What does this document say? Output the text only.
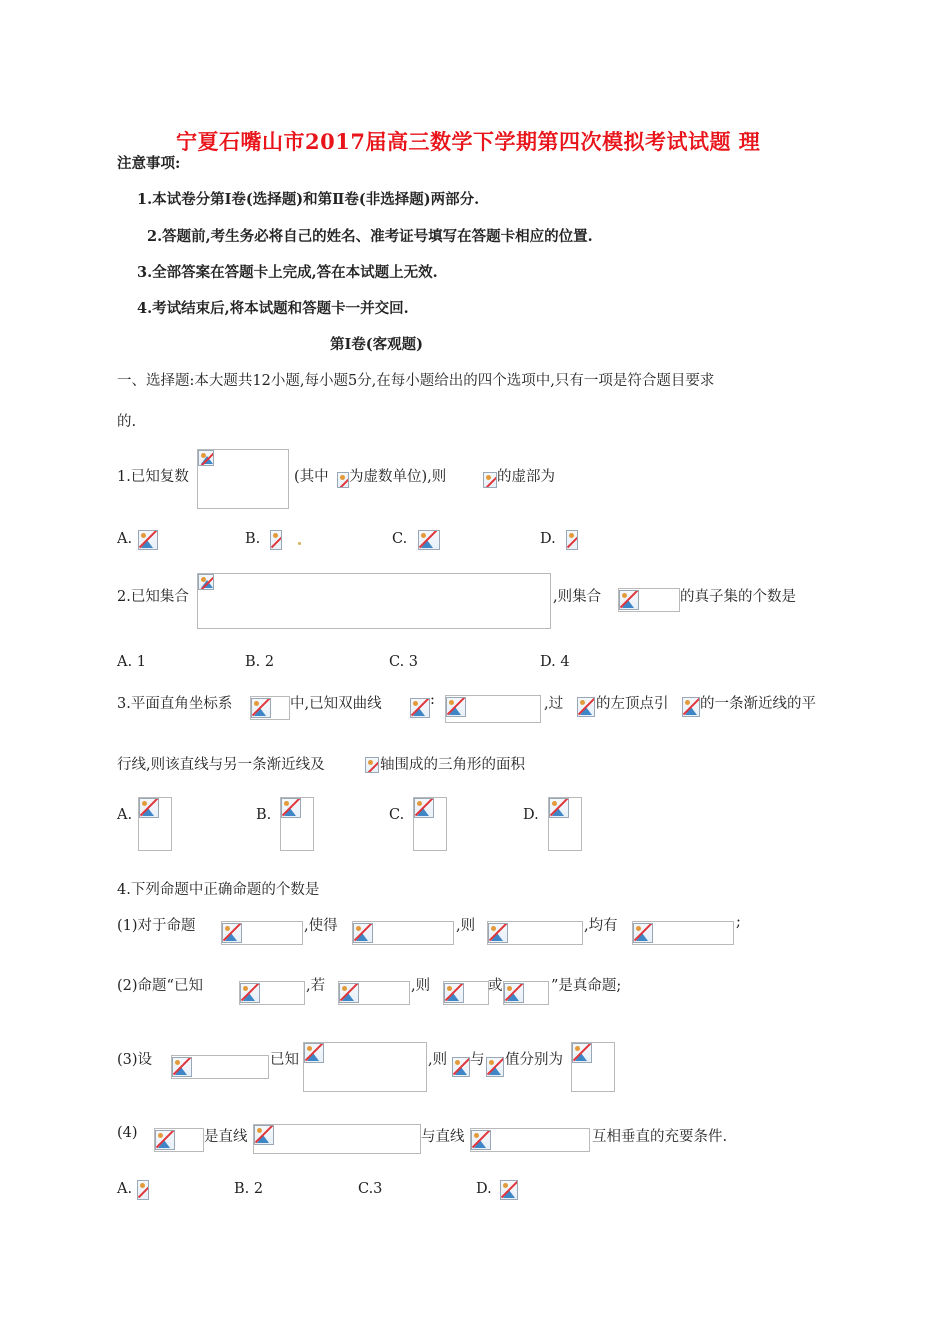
宁夏石嘴山市2017届高三数学下学期第四次模拟考试试题 理
注意事项:
1.本试卷分第Ⅰ卷(选择题)和第Ⅱ卷(非选择题)两部分.
2.答题前,考生务必将自己的姓名、准考证号填写在答题卡相应的位置.
3.全部答案在答题卡上完成,答在本试题上无效.
4.考试结束后,将本试题和答题卡一并交回.
第Ⅰ卷(客观题)
一、选择题:本大题共12小题,每小题5分,在每小题给出的四个选项中,只有一项是符合题目要求
的.
1.已知复数	(其中 为虚数单位),则	的虚部为
A.	B.	C.	D.
2.已知集合	,则集合	的真子集的个数是
A. 1	B. 2	C. 3	D. 4
3.平面直角坐标系	中,已知双曲线	:	,过 的左顶点引 的一条渐近线的平
行线,则该直线与另一条渐近线及	轴围成的三角形的面积
A.	B.	C.	D.
4.下列命题中正确命题的个数是
(1)对于命题	,使得	,则	,均有	;
(2)命题“已知	,若	,则	或	”是真命题;
(3)设	已知	,则 与 值分别为
(4)	是直线	与直线	互相垂直的充要条件.
A.	B. 2	C.3	D.
